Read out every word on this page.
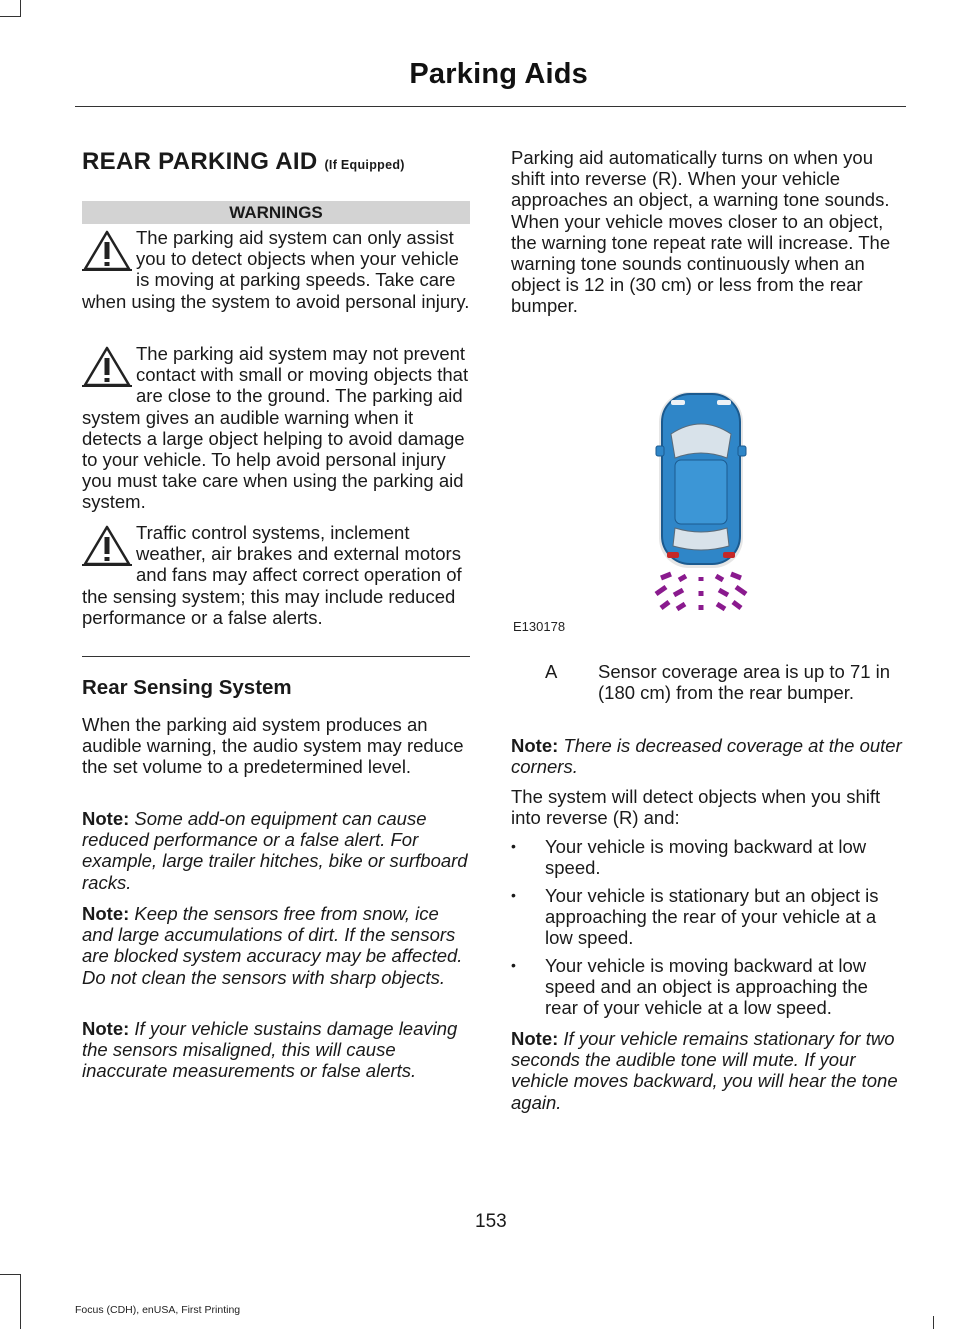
Parking Aids
REAR PARKING AID (If Equipped)
WARNINGS

The parking aid system can only assist you to detect objects when your vehicle is moving at parking speeds. Take care when using the system to avoid personal injury.

The parking aid system may not prevent contact with small or moving objects that are close to the ground. The parking aid system gives an audible warning when it detects a large object helping to avoid damage to your vehicle. To help avoid personal injury you must take care when using the parking aid system.

Traffic control systems, inclement weather, air brakes and external motors and fans may affect correct operation of the sensing system; this may include reduced performance or a false alerts.

Rear Sensing System

When the parking aid system produces an audible warning, the audio system may reduce the set volume to a predetermined level.

Note: Some add-on equipment can cause reduced performance or a false alert. For example, large trailer hitches, bike or surfboard racks.

Note: Keep the sensors free from snow, ice and large accumulations of dirt. If the sensors are blocked system accuracy may be affected. Do not clean the sensors with sharp objects.

Note: If your vehicle sustains damage leaving the sensors misaligned, this will cause inaccurate measurements or false alerts.

Parking aid automatically turns on when you shift into reverse (R). When your vehicle approaches an object, a warning tone sounds. When your vehicle moves closer to an object, the warning tone repeat rate will increase. The warning tone sounds continuously when an object is 12 in (30 cm) or less from the rear bumper.

E130178
A Sensor coverage area is up to 71 in (180 cm) from the rear bumper.

Note: There is decreased coverage at the outer corners.

The system will detect objects when you shift into reverse (R) and:

• Your vehicle is moving backward at low speed.
• Your vehicle is stationary but an object is approaching the rear of your vehicle at a low speed.
• Your vehicle is moving backward at low speed and an object is approaching the rear of your vehicle at a low speed.

Note: If your vehicle remains stationary for two seconds the audible tone will mute. If your vehicle moves backward, you will hear the tone again.

153
Focus (CDH), enUSA, First Printing
